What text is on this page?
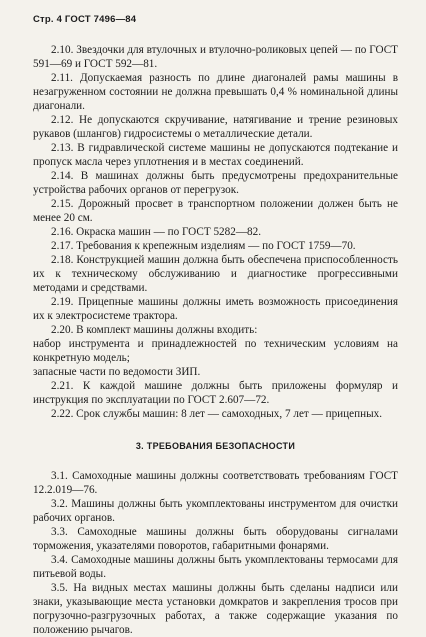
Стр. 4 ГОСТ 7496—84

2.10. Звездочки для втулочных и втулочно-роликовых цепей — по ГОСТ 591—69 и ГОСТ 592—81.

2.11. Допускаемая разность по длине диагоналей рамы машины в незагруженном состоянии не должна превышать 0,4 % номинальной длины диагонали.

2.12. Не допускаются скручивание, натягивание и трение резиновых рукавов (шлангов) гидросистемы о металлические детали.

2.13. В гидравлической системе машины не допускаются подтекание и пропуск масла через уплотнения и в местах соединений.

2.14. В машинах должны быть предусмотрены предохранительные устройства рабочих органов от перегрузок.

2.15. Дорожный просвет в транспортном положении должен быть не менее 20 см.

2.16. Окраска машин — по ГОСТ 5282—82.

2.17. Требования к крепежным изделиям — по ГОСТ 1759—70.

2.18. Конструкцией машин должна быть обеспечена приспособленность их к техническому обслуживанию и диагностике прогрессивными методами и средствами.

2.19. Прицепные машины должны иметь возможность присоединения их к электросистеме трактора.

2.20. В комплект машины должны входить:

набор инструмента и принадлежностей по техническим условиям на конкретную модель;

запасные части по ведомости ЗИП.

2.21. К каждой машине должны быть приложены формуляр и инструкция по эксплуатации по ГОСТ 2.607—72.

2.22. Срок службы машин: 8 лет — самоходных, 7 лет — прицепных.

3. ТРЕБОВАНИЯ БЕЗОПАСНОСТИ

3.1. Самоходные машины должны соответствовать требованиям ГОСТ 12.2.019—76.

3.2. Машины должны быть укомплектованы инструментом для очистки рабочих органов.

3.3. Самоходные машины должны быть оборудованы сигналами торможения, указателями поворотов, габаритными фонарями.

3.4. Самоходные машины должны быть укомплектованы термосами для питьевой воды.

3.5. На видных местах машины должны быть сделаны надписи или знаки, указывающие места установки домкратов и закрепления тросов при погрузочно-разгрузочных работах, а также содержащие указания по положению рычагов.
